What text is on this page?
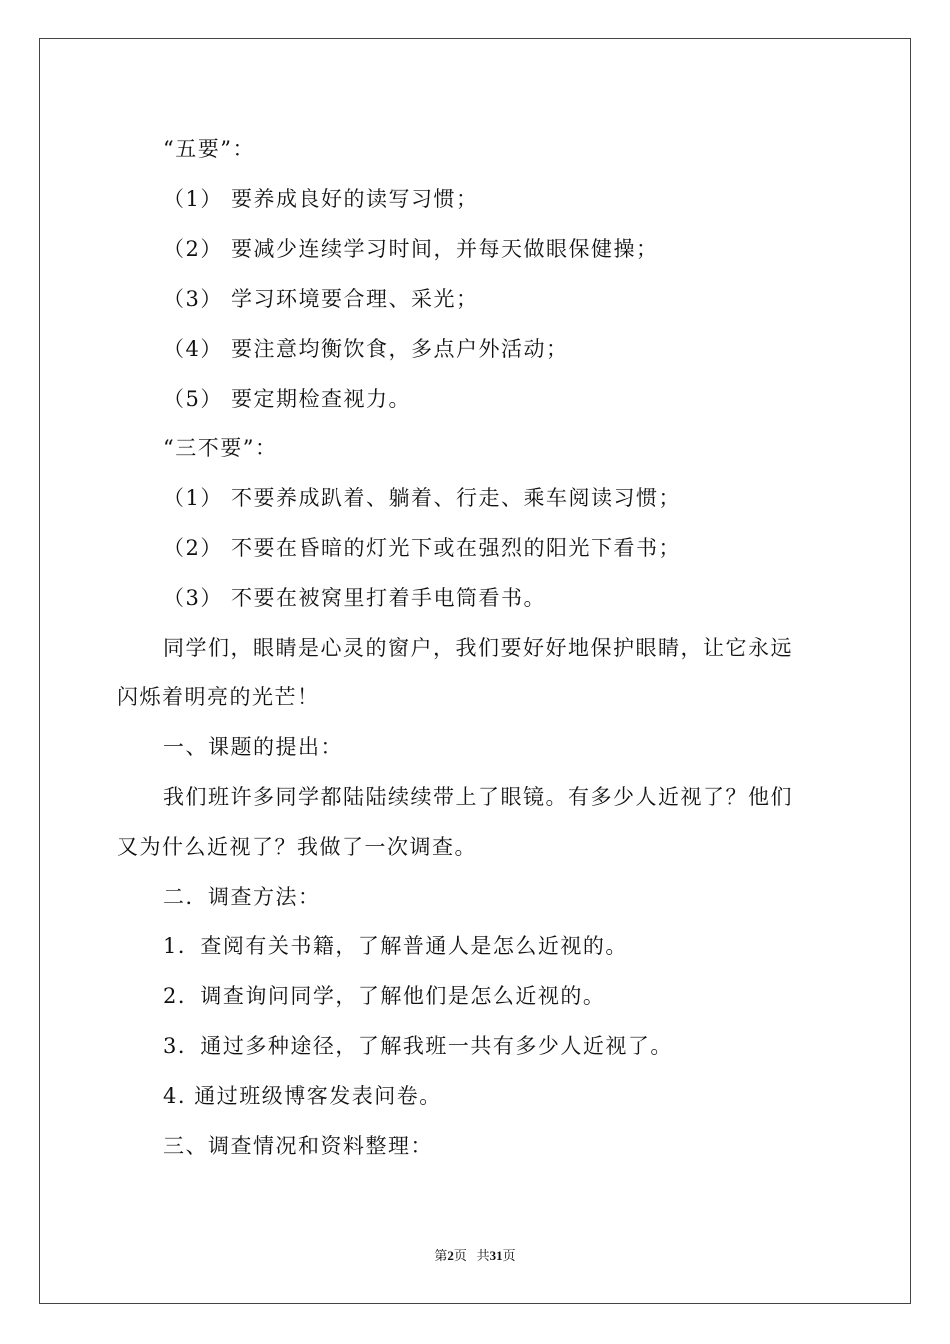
“五要”：
（1） 要养成良好的读写习惯；
（2） 要减少连续学习时间，并每天做眼保健操；
（3） 学习环境要合理、采光；
（4） 要注意均衡饮食，多点户外活动；
（5） 要定期检查视力。
“三不要”：
（1） 不要养成趴着、躺着、行走、乘车阅读习惯；
（2） 不要在昏暗的灯光下或在强烈的阳光下看书；
（3） 不要在被窝里打着手电筒看书。
同学们，眼睛是心灵的窗户，我们要好好地保护眼睛，让它永远
闪烁着明亮的光芒！
一、课题的提出：
我们班许多同学都陆陆续续带上了眼镜。有多少人近视了？他们
又为什么近视了？我做了一次调查。
二．调查方法：
1．查阅有关书籍，了解普通人是怎么近视的。
2．调查询问同学，了解他们是怎么近视的。
3．通过多种途径，了解我班一共有多少人近视了。
4. 通过班级博客发表问卷。
三、调查情况和资料整理：
第2页 共31页
